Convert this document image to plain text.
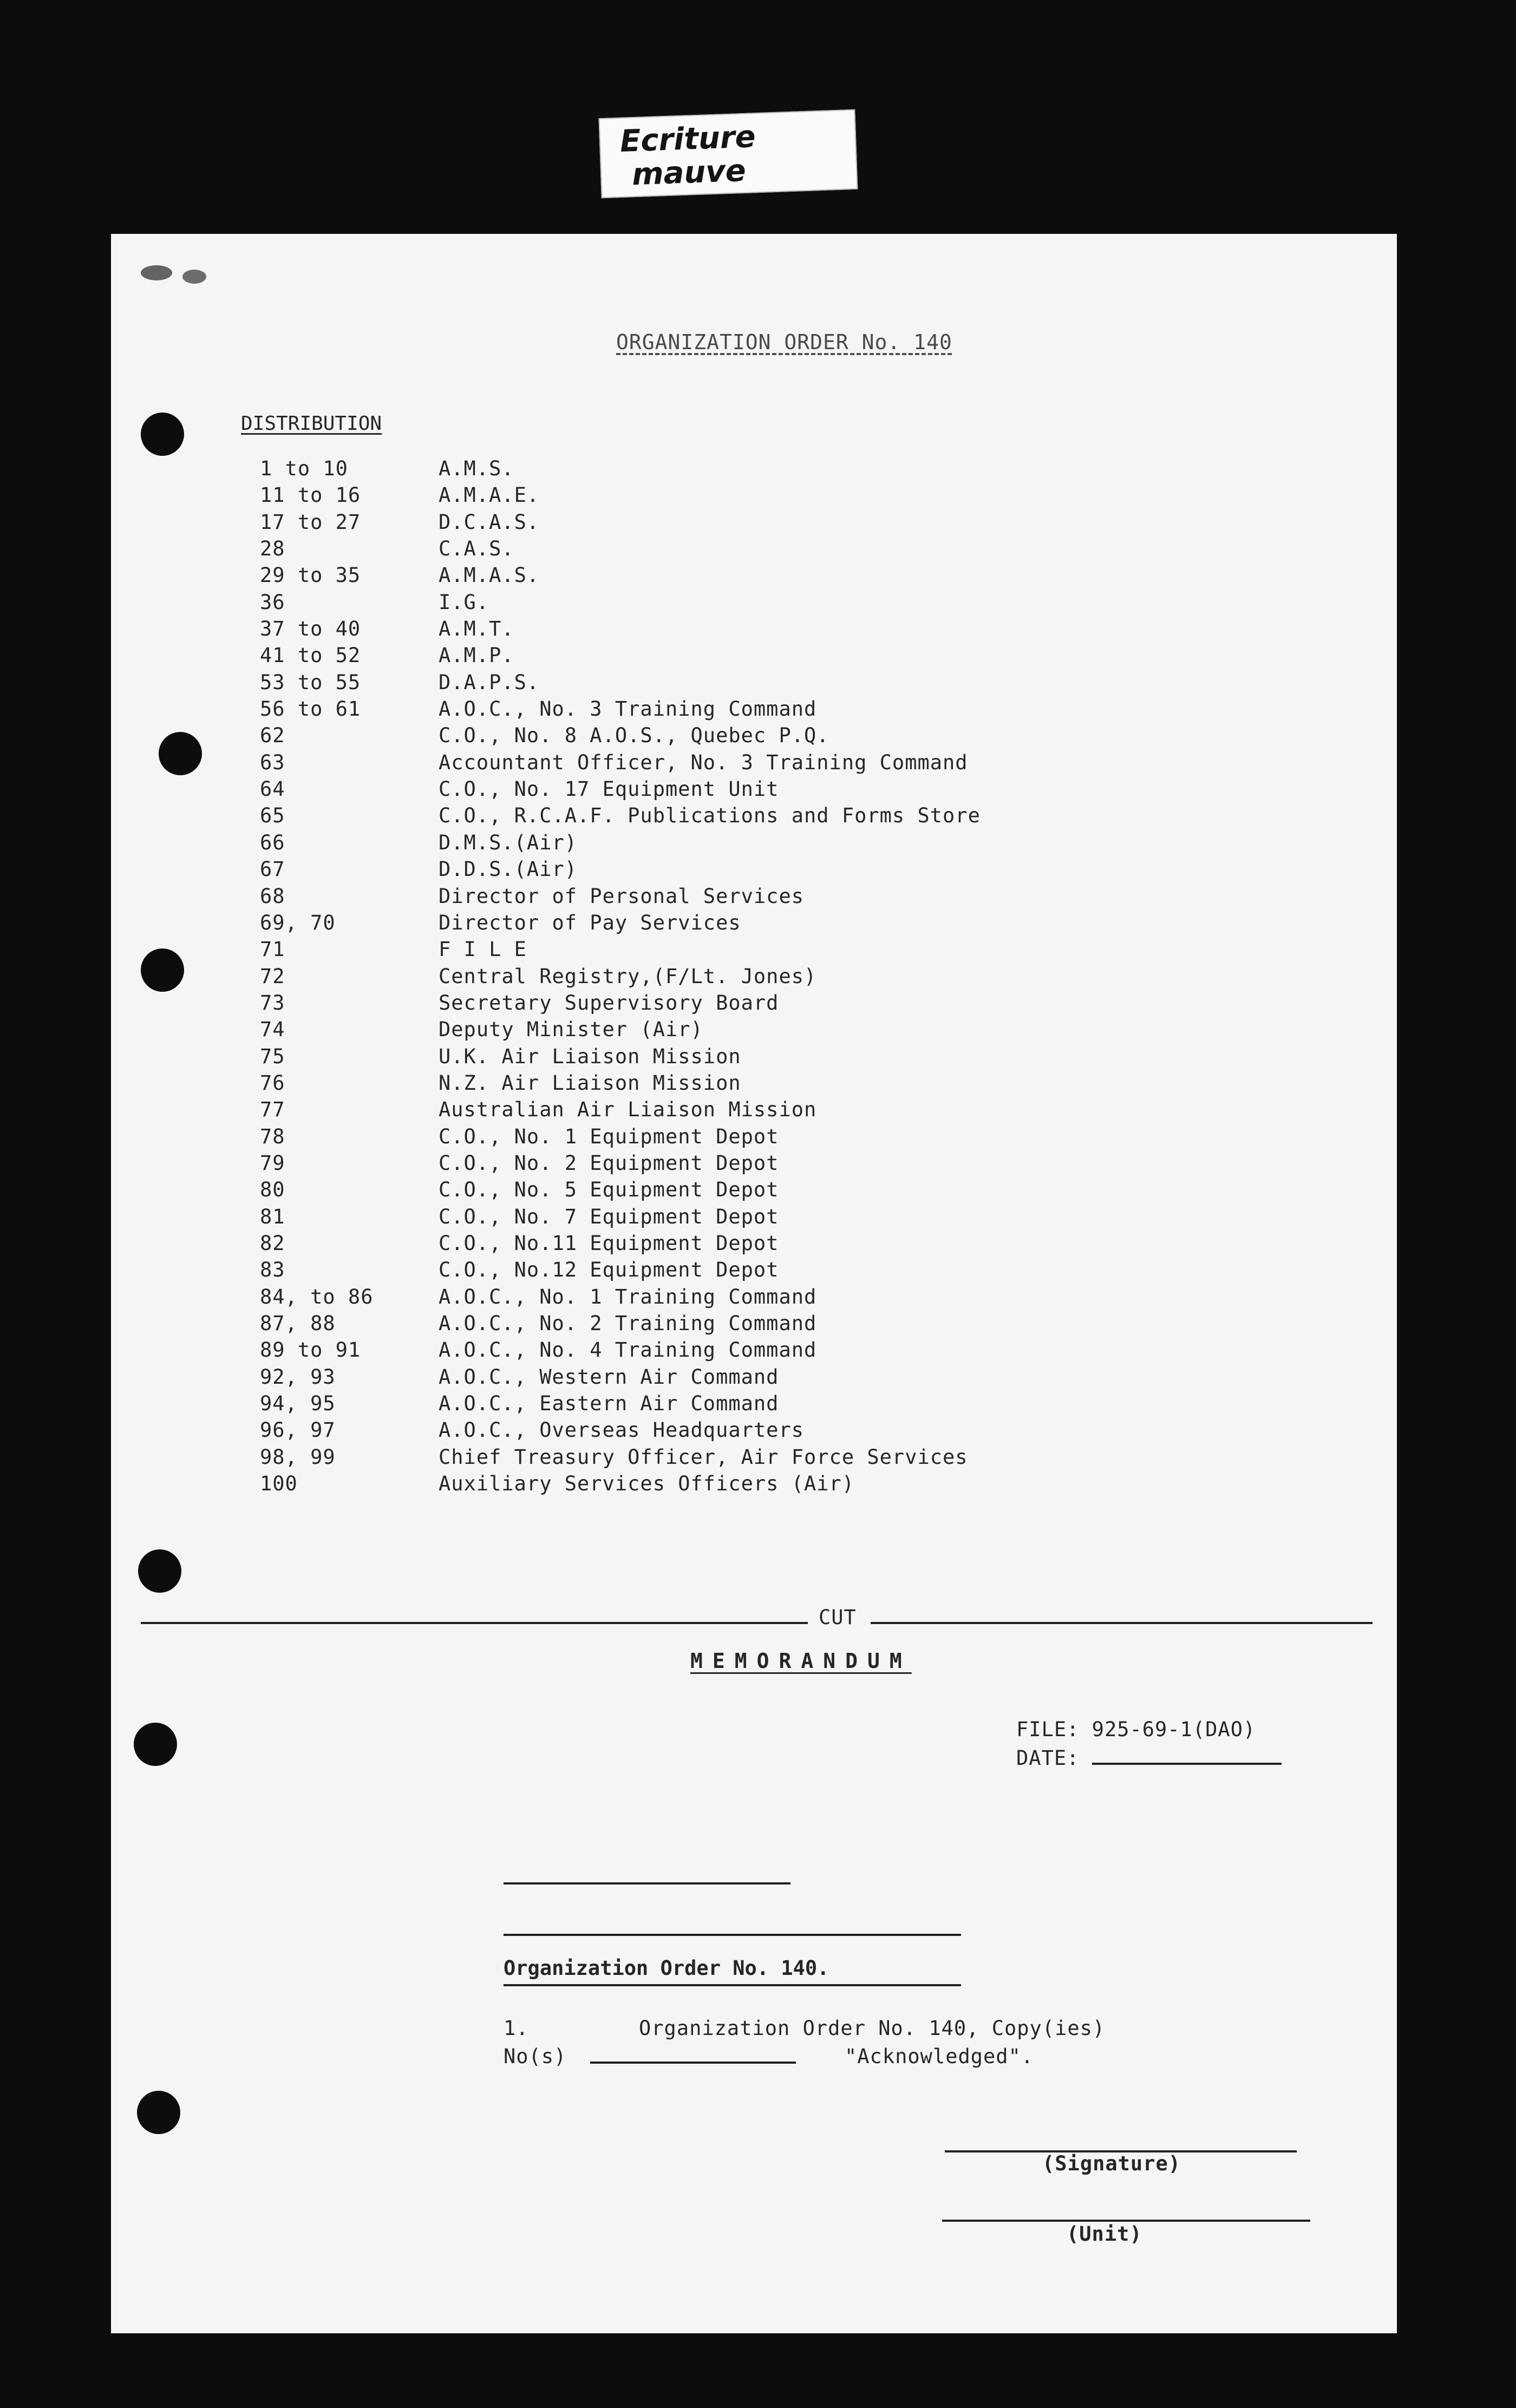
Ecriture
mauve
ORGANIZATION ORDER No. 140
DISTRIBUTION
1 to 10	A.M.S.
11 to 16	A.M.A.E.
17 to 27	D.C.A.S.
28	C.A.S.
29 to 35	A.M.A.S.
36	I.G.
37 to 40	A.M.T.
41 to 52	A.M.P.
53 to 55	D.A.P.S.
56 to 61	A.O.C., No. 3 Training Command
62	C.O., No. 8 A.O.S., Quebec P.Q.
63	Accountant Officer, No. 3 Training Command
64	C.O., No. 17 Equipment Unit
65	C.O., R.C.A.F. Publications and Forms Store
66	D.M.S.(Air)
67	D.D.S.(Air)
68	Director of Personal Services
69, 70	Director of Pay Services
71	F I L E
72	Central Registry,(F/Lt. Jones)
73	Secretary Supervisory Board
74	Deputy Minister (Air)
75	U.K. Air Liaison Mission
76	N.Z. Air Liaison Mission
77	Australian Air Liaison Mission
78	C.O., No. 1 Equipment Depot
79	C.O., No. 2 Equipment Depot
80	C.O., No. 5 Equipment Depot
81	C.O., No. 7 Equipment Depot
82	C.O., No.11 Equipment Depot
83	C.O., No.12 Equipment Depot
84, to 86	A.O.C., No. 1 Training Command
87, 88	A.O.C., No. 2 Training Command
89 to 91	A.O.C., No. 4 Training Command
92, 93	A.O.C., Western Air Command
94, 95	A.O.C., Eastern Air Command
96, 97	A.O.C., Overseas Headquarters
98, 99	Chief Treasury Officer, Air Force Services
100	Auxiliary Services Officers (Air)
CUT
MEMORANDUM
FILE: 925-69-1(DAO)
DATE:
Organization Order No. 140.
1.	Organization Order No. 140, Copy(ies)
No(s)	"Acknowledged".
(Signature)
(Unit)
